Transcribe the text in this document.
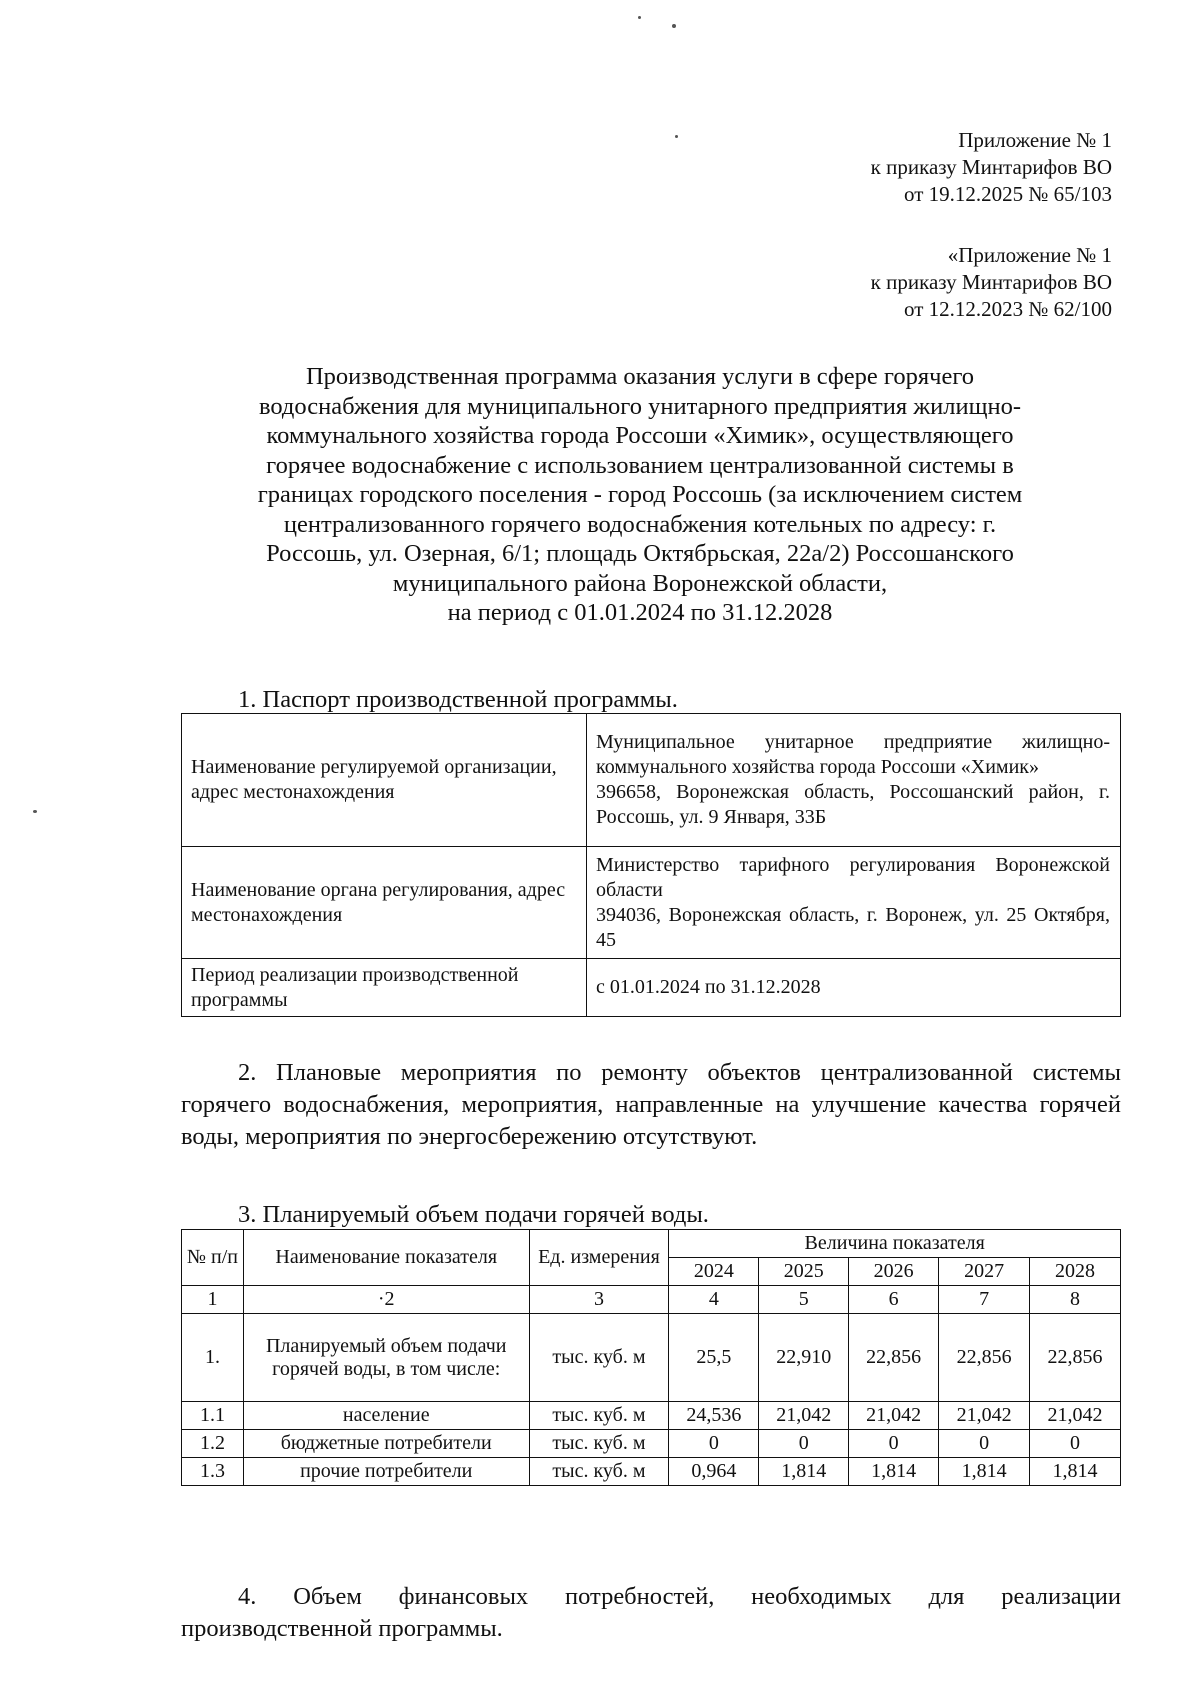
Приложение № 1
к приказу Минтарифов ВО
от 19.12.2025 № 65/103
«Приложение № 1
к приказу Минтарифов ВО
от 12.12.2023 № 62/100
Производственная программа оказания услуги в сфере горячего
водоснабжения для муниципального унитарного предприятия жилищно-
коммунального хозяйства города Россоши «Химик», осуществляющего
горячее водоснабжение с использованием централизованной системы в
границах городского поселения - город Россошь (за исключением систем
централизованного горячего водоснабжения котельных по адресу: г.
Россошь, ул. Озерная, 6/1; площадь Октябрьская, 22а/2) Россошанского
муниципального района Воронежской области,
на период с 01.01.2024 по 31.12.2028
1. Паспорт производственной программы.
Наименование регулируемой организации, адрес местонахождения	Муниципальное унитарное предприятие жилищно-коммунального хозяйства города Россоши «Химик»
396658, Воронежская область, Россошанский район, г. Россошь, ул. 9 Января, 33Б

Наименование органа регулирования, адрес местонахождения	Министерство тарифного регулирования Воронежской области
394036, Воронежская область, г. Воронеж, ул. 25 Октября, 45

Период реализации производственной программы	с 01.01.2024 по 31.12.2028
2. Плановые мероприятия по ремонту объектов централизованной системы горячего водоснабжения, мероприятия, направленные на улучшение качества горячей воды, мероприятия по энергосбережению отсутствуют.
3. Планируемый объем подачи горячей воды.
№ п/п	Наименование показателя	Ед. измерения	Величина показателя				
			2024	2025	2026	2027	2028
1	·2	3	4	5	6	7	8
1.	Планируемый объем подачи горячей воды, в том числе:	тыс. куб. м	25,5	22,910	22,856	22,856	22,856
1.1	население	тыс. куб. м	24,536	21,042	21,042	21,042	21,042
1.2	бюджетные потребители	тыс. куб. м	0	0	0	0	0
1.3	прочие потребители	тыс. куб. м	0,964	1,814	1,814	1,814	1,814
4. Объем финансовых потребностей, необходимых для реализации производственной программы.
